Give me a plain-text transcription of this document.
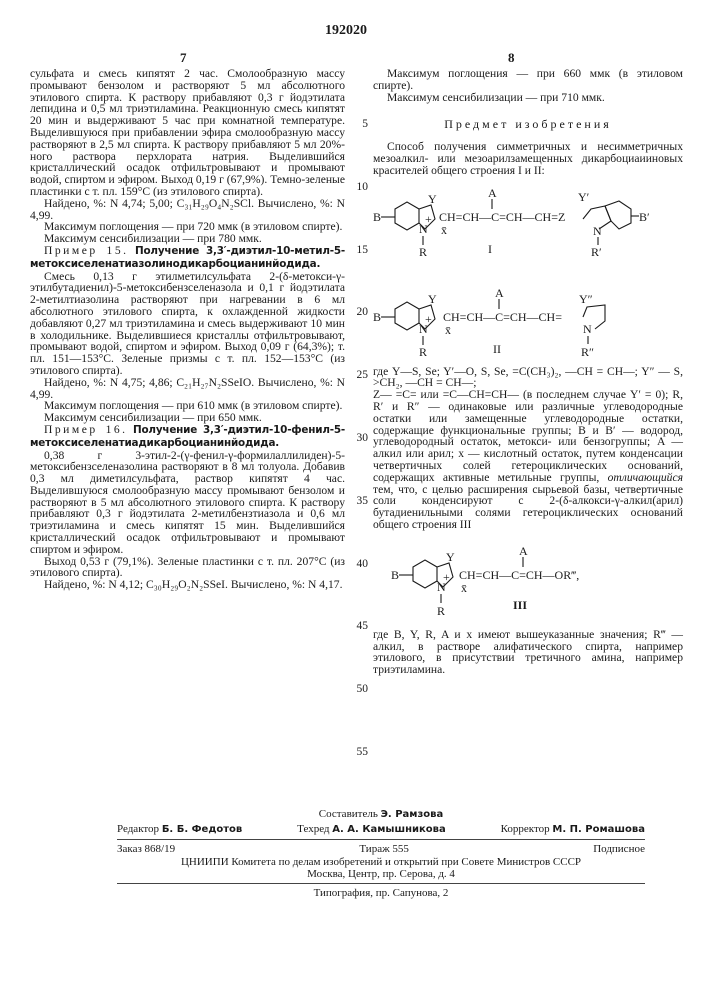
192020
7	8
5
10
15
20
25
30
35
40
45
50
55

сульфата и смесь кипятят 2 час. Смолообразную массу промывают бензолом и растворяют 5 мл абсолютного этилового спирта. К раствору прибавляют 0,3 г йодэтилата лепидина и 0,5 мл триэтиламина. Реакционную смесь кипятят 20 мин и выдерживают 5 час при комнатной температуре. Выделившуюся при прибавлении эфира смолообразную массу растворяют в 2,5 мл спирта. К раствору прибавляют 5 мл 20%-ного раствора перхлората натрия. Выделившийся кристаллический осадок отфильтровывают и промывают водой, спиртом и эфиром. Выход 0,19 г (67,9%). Темно-зеленые пластинки с т. пл. 159°С (из этилового спирта).

Найдено, %: N 4,74; 5,00; C₃₁H₂₉O₄N₂SCl. Вычислено, %: N 4,99.

Максимум поглощения — при 720 ммк (в этиловом спирте).

Максимум сенсибилизации — при 780 ммк.

Пример 15. Получение 3,3′-диэтил-10-метил-5-метоксиселенатиазолинодикарбоцианинйодида.

Смесь 0,13 г этилметилсульфата 2-(δ-метокси-γ-этилбутадиенил)-5-метоксибензселеназола и 0,1 г йодэтилата 2-метилтиазолина растворяют при нагревании в 6 мл абсолютного этилового спирта, к охлажденной жидкости добавляют 0,27 мл триэтиламина и смесь выдерживают 10 мин в холодильнике. Выделившиеся кристаллы отфильтровывают, промывают водой, спиртом и эфиром. Выход 0,09 г (64,3%); т. пл. 151—153°С. Зеленые призмы с т. пл. 152—153°С (из этилового спирта).

Найдено, %: N 4,75; 4,86; C₂₁H₂₇N₂SSeIO. Вычислено, %: N 4,99.

Максимум поглощения — при 610 ммк (в этиловом спирте).

Максимум сенсибилизации — при 650 ммк.

Пример 16. Получение 3,3′-диэтил-10-фенил-5-метоксиселенатиадикарбоцианинйодида.

0,38 г 3-этил-2-(γ-фенил-γ-формилаллилиден)-5-метоксибензселеназолина растворяют в 8 мл толуола. Добавив 0,3 мл диметилсульфата, раствор кипятят 4 час. Выделившуюся смолообразную массу промывают бензолом и растворяют в 5 мл абсолютного этилового спирта. К раствору прибавляют 0,3 г йодэтилата 2-метилбензтиазола и 0,6 мл триэтиламина и смесь кипятят 15 мин. Выделившийся кристаллический осадок отфильтровывают и промывают спиртом и эфиром.

Выход 0,53 г (79,1%). Зеленые пластинки с т. пл. 207°С (из этилового спирта).

Найдено, %: N 4,12; C₃₀H₂₉O₂N₂SSeI. Вычислено, %: N 4,17.

Максимум поглощения — при 660 ммк (в этиловом спирте).

Максимум сенсибилизации — при 710 ммк.

Предмет изобретения

Способ получения симметричных и несимметричных мезоалкил- или мезоарилзамещенных дикарбоциаииновых красителей общего строения I и II:

B
Y
N
+
R
CH=CH—C=CH—CH=Z
x̄
A
I
Y′
N
R′
B′
B
Y
N
+
R
CH=CH—C=CH—CH=
x̄
A
II
Y″
N
R″

где Y—S, Se; Y′—O, S, Se, =C(CH₃)₂, —CH = CH—; Y″ — S, >CH₂, —CH = CH—;

Z— =C= или =C—CH=CH— (в последнем случае Y′ = 0); R, R′ и R″ — одинаковые или различные углеводородные остатки или замещенные углеводородные остатки, содержащие функциональные группы; B и B′ — водород, углеводородный остаток, метокси- или бензогруппы; A — алкил или арил; x — кислотный остаток, путем конденсации четвертичных солей гетероциклических оснований, содержащих активные метильные группы, отличающийся тем, что, с целью расширения сырьевой базы, четвертичные соли конденсируют с 2-(δ-алкокси-γ-алкил(арил) бутадиенильными солями гетероциклических оснований общего строения III

B
Y
N
+
R
CH=CH—C=CH—OR‴,
x̄
A
III

где B, Y, R, A и x имеют вышеуказанные значения; R‴ — алкил, в растворе алифатического спирта, например этилового, в присутствии третичного амина, например триэтиламина.

Составитель Э. Рамзова
Редактор Б. Б. Федотов	Техред А. А. Камышникова	Корректор М. П. Ромашова
Заказ 868/19	Тираж 555	Подписное
ЦНИИПИ Комитета по делам изобретений и открытий при Совете Министров СССР
Москва, Центр, пр. Серова, д. 4
Типография, пр. Сапунова, 2
